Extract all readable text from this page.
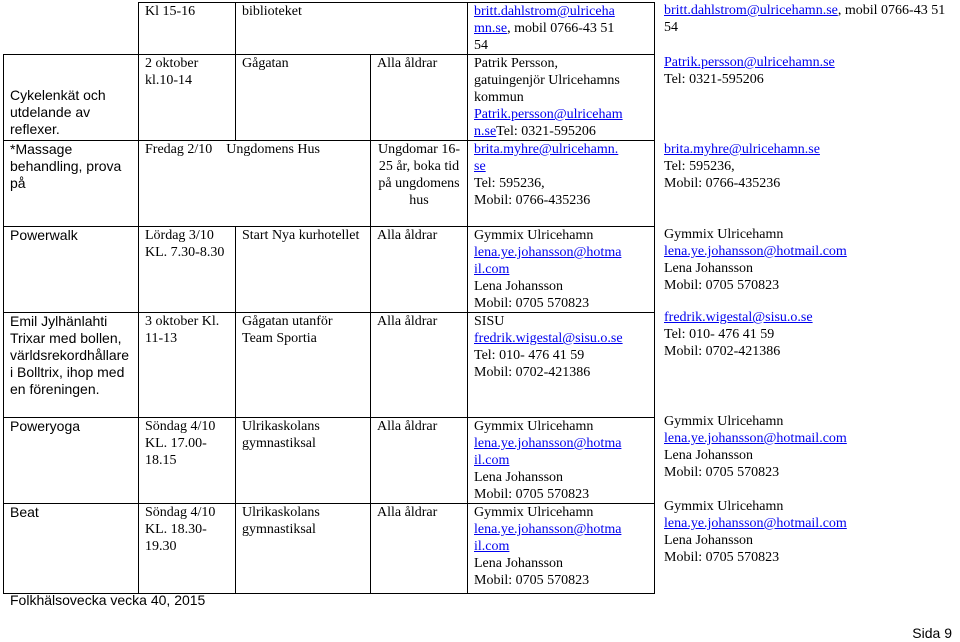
	Kl 15-16	biblioteket		britt.dahlstrom@ulriceha
mn.se, mobil 0766-43 51
54

Cykelenkät och utdelande av reflexer.	2 oktober kl.10-14	Gågatan	Alla åldrar	Patrik Persson,
gatuingenjör Ulricehamns kommun
Patrik.persson@ulriceham
n.seTel: 0321-595206

*Massage behandling, prova på	Fredag 2/10 Ungdomens Hus		Ungdomar 16-25 år, boka tid på ungdomens hus	brita.myhre@ulricehamn.
se
Tel: 595236,
Mobil: 0766-435236

Powerwalk	Lördag 3/10 KL. 7.30-8.30	Start Nya kurhotellet	Alla åldrar	Gymmix Ulricehamn
lena.ye.johansson@hotma
il.com
Lena Johansson
Mobil: 0705 570823

Emil Jylhänlahti Trixar med bollen, världsrekordhållare i Bolltrix, ihop med en föreningen.	3 oktober Kl. 11-13	Gågatan utanför Team Sportia	Alla åldrar	SISU
fredrik.wigestal@sisu.o.se
Tel: 010- 476 41 59
Mobil: 0702-421386

Poweryoga	Söndag 4/10 KL. 17.00-18.15	Ulrikaskolans gymnastiksal	Alla åldrar	Gymmix Ulricehamn
lena.ye.johansson@hotma
il.com
Lena Johansson
Mobil: 0705 570823

Beat	Söndag 4/10 KL. 18.30-19.30	Ulrikaskolans gymnastiksal	Alla åldrar	Gymmix Ulricehamn
lena.ye.johansson@hotma
il.com
Lena Johansson
Mobil: 0705 570823
britt.dahlstrom@ulricehamn.se, mobil 0766-43 51 54
Patrik.persson@ulricehamn.se
Tel: 0321-595206
brita.myhre@ulricehamn.se
Tel: 595236,
Mobil: 0766-435236
Gymmix Ulricehamn
lena.ye.johansson@hotmail.com
Lena Johansson
Mobil: 0705 570823
fredrik.wigestal@sisu.o.se
Tel: 010- 476 41 59
Mobil: 0702-421386
Gymmix Ulricehamn
lena.ye.johansson@hotmail.com
Lena Johansson
Mobil: 0705 570823
Gymmix Ulricehamn
lena.ye.johansson@hotmail.com
Lena Johansson
Mobil: 0705 570823
Folkhälsovecka vecka 40, 2015
Sida 9
